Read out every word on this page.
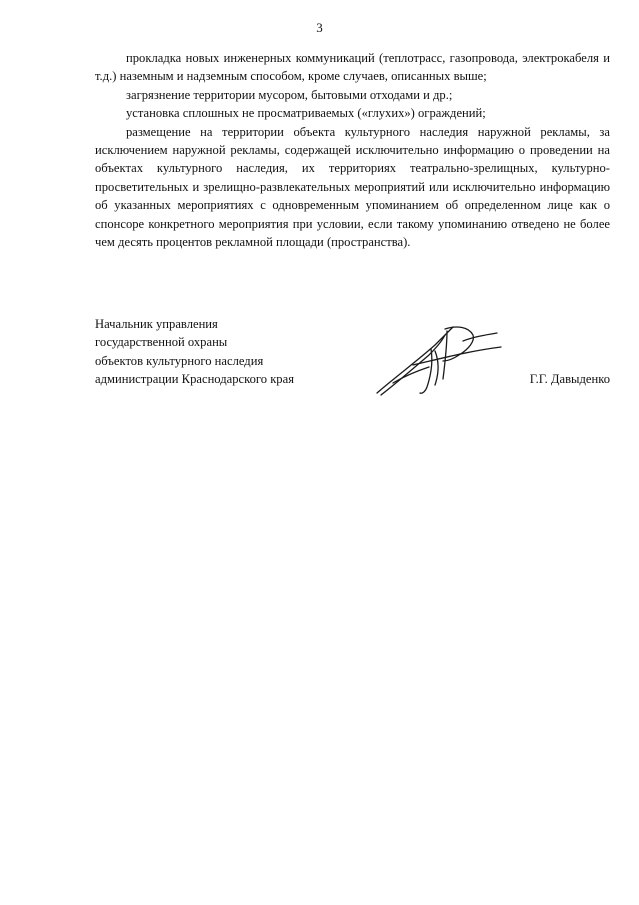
3

прокладка новых инженерных коммуникаций (теплотрасс, газопровода, электрокабеля и т.д.) наземным и надземным способом, кроме случаев, описанных выше;

загрязнение территории мусором, бытовыми отходами и др.;

установка сплошных не просматриваемых («глухих») ограждений;

размещение на территории объекта культурного наследия наружной рекламы, за исключением наружной рекламы, содержащей исключительно информацию о проведении на объектах культурного наследия, их территориях театрально-зрелищных, культурно-просветительных и зрелищно-развлекательных мероприятий или исключительно информацию об указанных мероприятиях с одновременным упоминанием об определенном лице как о спонсоре конкретного мероприятия при условии, если такому упоминанию отведено не более чем десять процентов рекламной площади (пространства).

Начальник управления
государственной охраны
объектов культурного наследия
администрации Краснодарского края	Г.Г. Давыденко
